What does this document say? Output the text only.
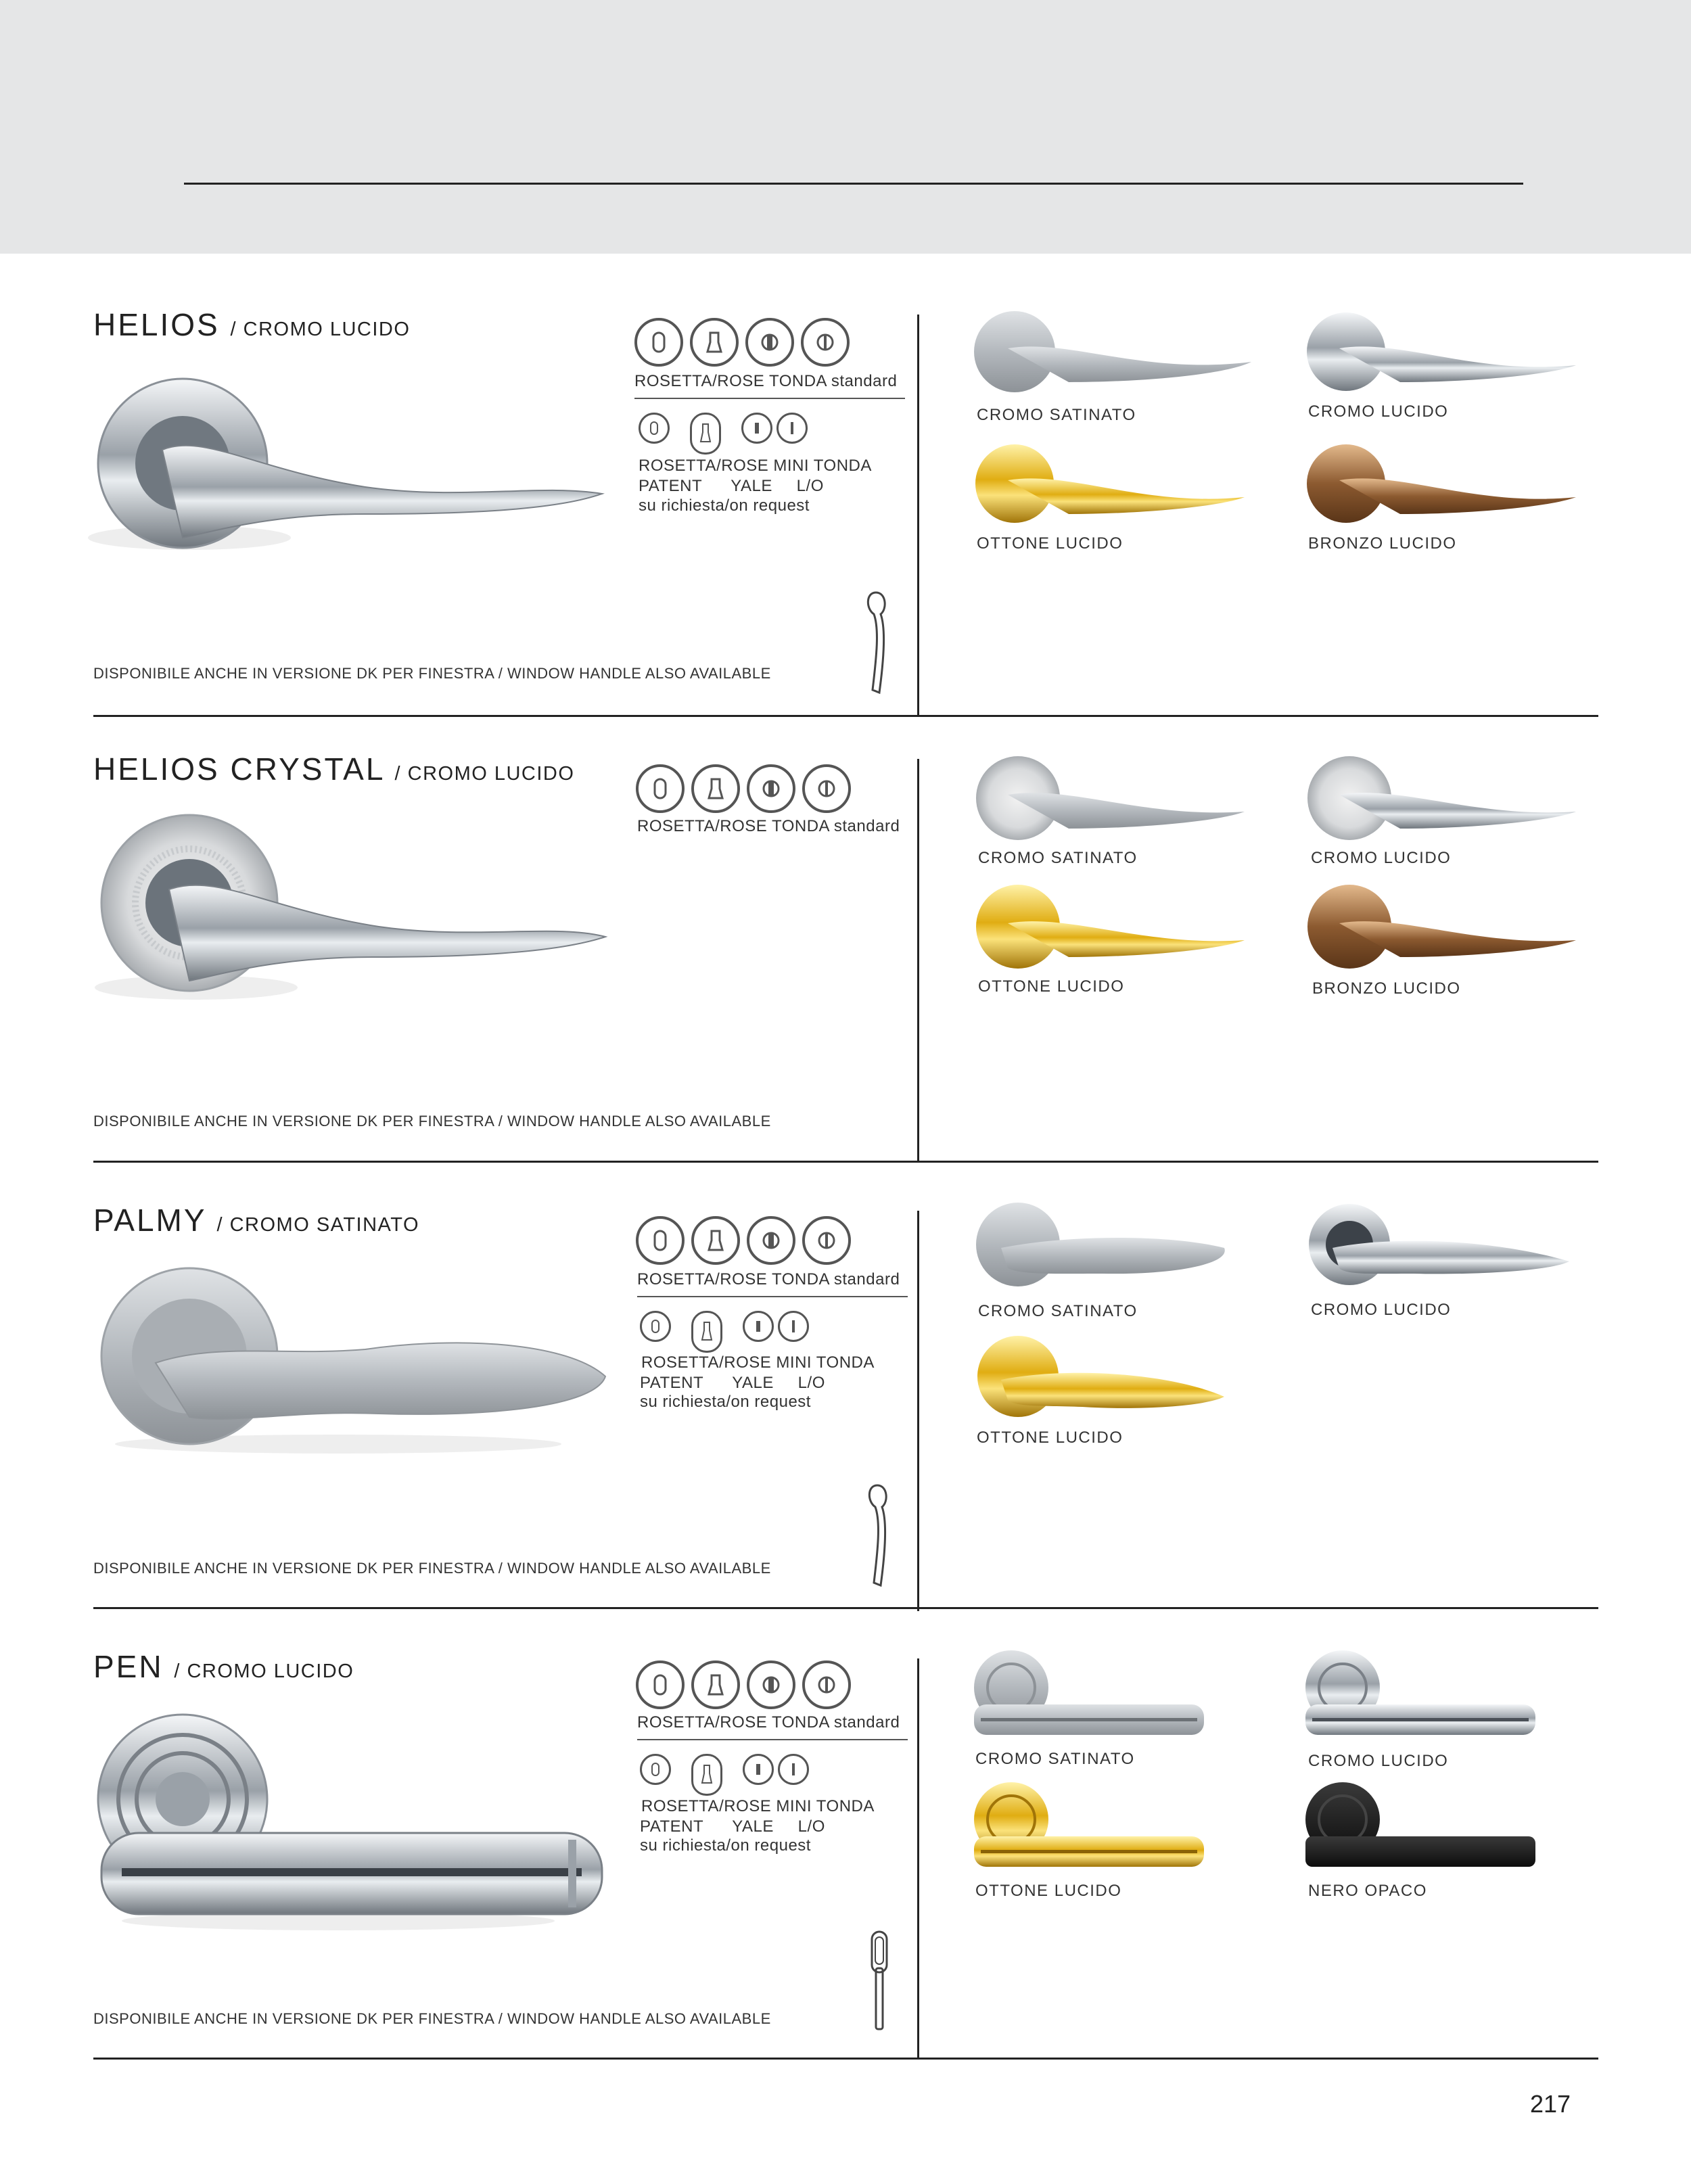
HELIOS / CROMO LUCIDO
ROSETTA/ROSE TONDA standard
ROSETTA/ROSE MINI TONDA
PATENT      YALE     L/O
su richiesta/on request
DISPONIBILE ANCHE IN VERSIONE DK PER FINESTRA / WINDOW HANDLE ALSO AVAILABLE
CROMO SATINATO	CROMO LUCIDO
OTTONE LUCIDO	BRONZO LUCIDO
HELIOS CRYSTAL / CROMO LUCIDO
ROSETTA/ROSE TONDA standard
DISPONIBILE ANCHE IN VERSIONE DK PER FINESTRA / WINDOW HANDLE ALSO AVAILABLE
CROMO SATINATO	CROMO LUCIDO
OTTONE LUCIDO	BRONZO LUCIDO
PALMY / CROMO SATINATO
ROSETTA/ROSE TONDA standard
ROSETTA/ROSE MINI TONDA
PATENT      YALE     L/O
su richiesta/on request
DISPONIBILE ANCHE IN VERSIONE DK PER FINESTRA / WINDOW HANDLE ALSO AVAILABLE
CROMO SATINATO	CROMO LUCIDO
OTTONE LUCIDO
PEN / CROMO LUCIDO
ROSETTA/ROSE TONDA standard
ROSETTA/ROSE MINI TONDA
PATENT      YALE     L/O
su richiesta/on request
DISPONIBILE ANCHE IN VERSIONE DK PER FINESTRA / WINDOW HANDLE ALSO AVAILABLE
CROMO SATINATO	CROMO LUCIDO
OTTONE LUCIDO	NERO OPACO
217
